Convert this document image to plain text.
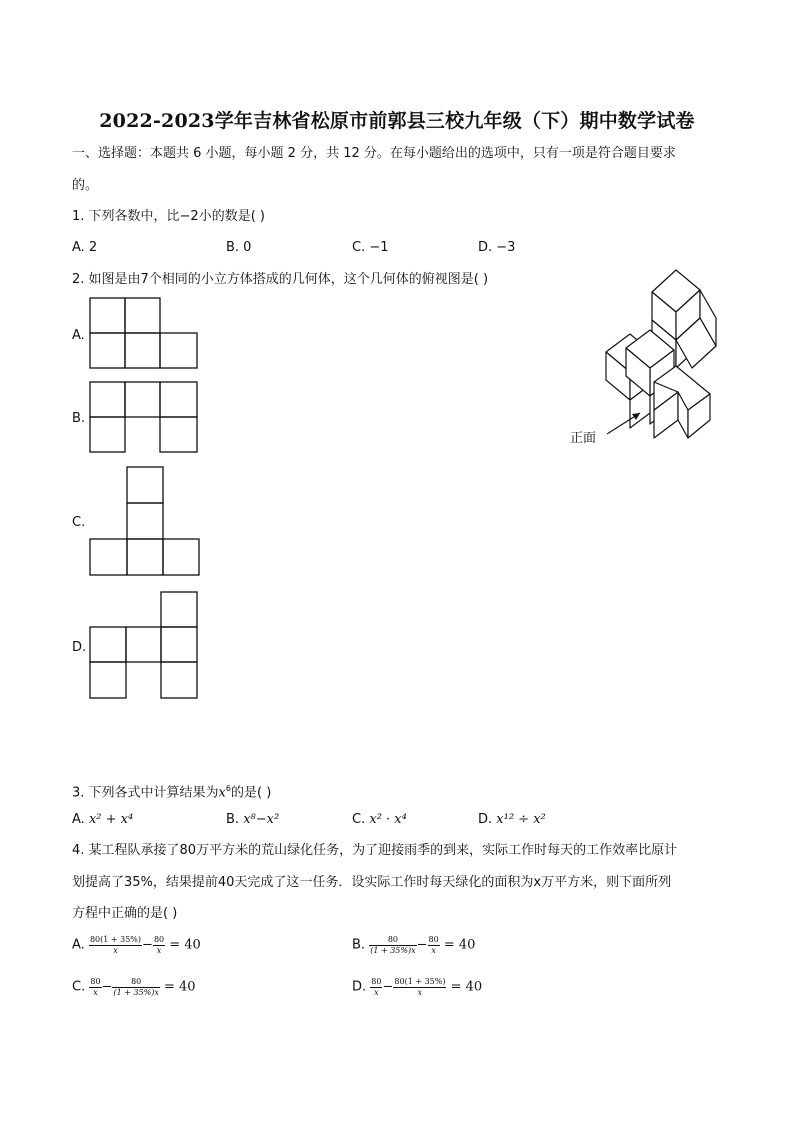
2022-2023学年吉林省松原市前郭县三校九年级（下）期中数学试卷
一、选择题：本题共 6 小题，每小题 2 分，共 12 分。在每小题给出的选项中，只有一项是符合题目要求
的。
1. 下列各数中，比−2小的数是( )
A. 2	B. 0	C. −1	D. −3
2. 如图是由7个相同的小立方体搭成的几何体，这个几何体的俯视图是( )
A.
B.
C.
D.
正面
3. 下列各式中计算结果为$x^6$的是( )
A. x² + x⁴	B. x⁸−x²	C. x² · x⁴	D. x¹² ÷ x²
4. 某工程队承接了80万平方米的荒山绿化任务，为了迎接雨季的到来，实际工作时每天的工作效率比原计
划提高了35%，结果提前40天完成了这一任务．设实际工作时每天绿化的面积为x万平方米，则下面所列
方程中正确的是( )
A. $\frac{80(1 + 35\%)}{x} - \frac{80}{x} = 40$	B. $\frac{80}{(1 + 35\%)x} - \frac{80}{x} = 40$
C. $\frac{80}{x} - \frac{80}{(1 + 35\%)x} = 40$	D. $\frac{80}{x} - \frac{80(1 + 35\%)}{x} = 40$
